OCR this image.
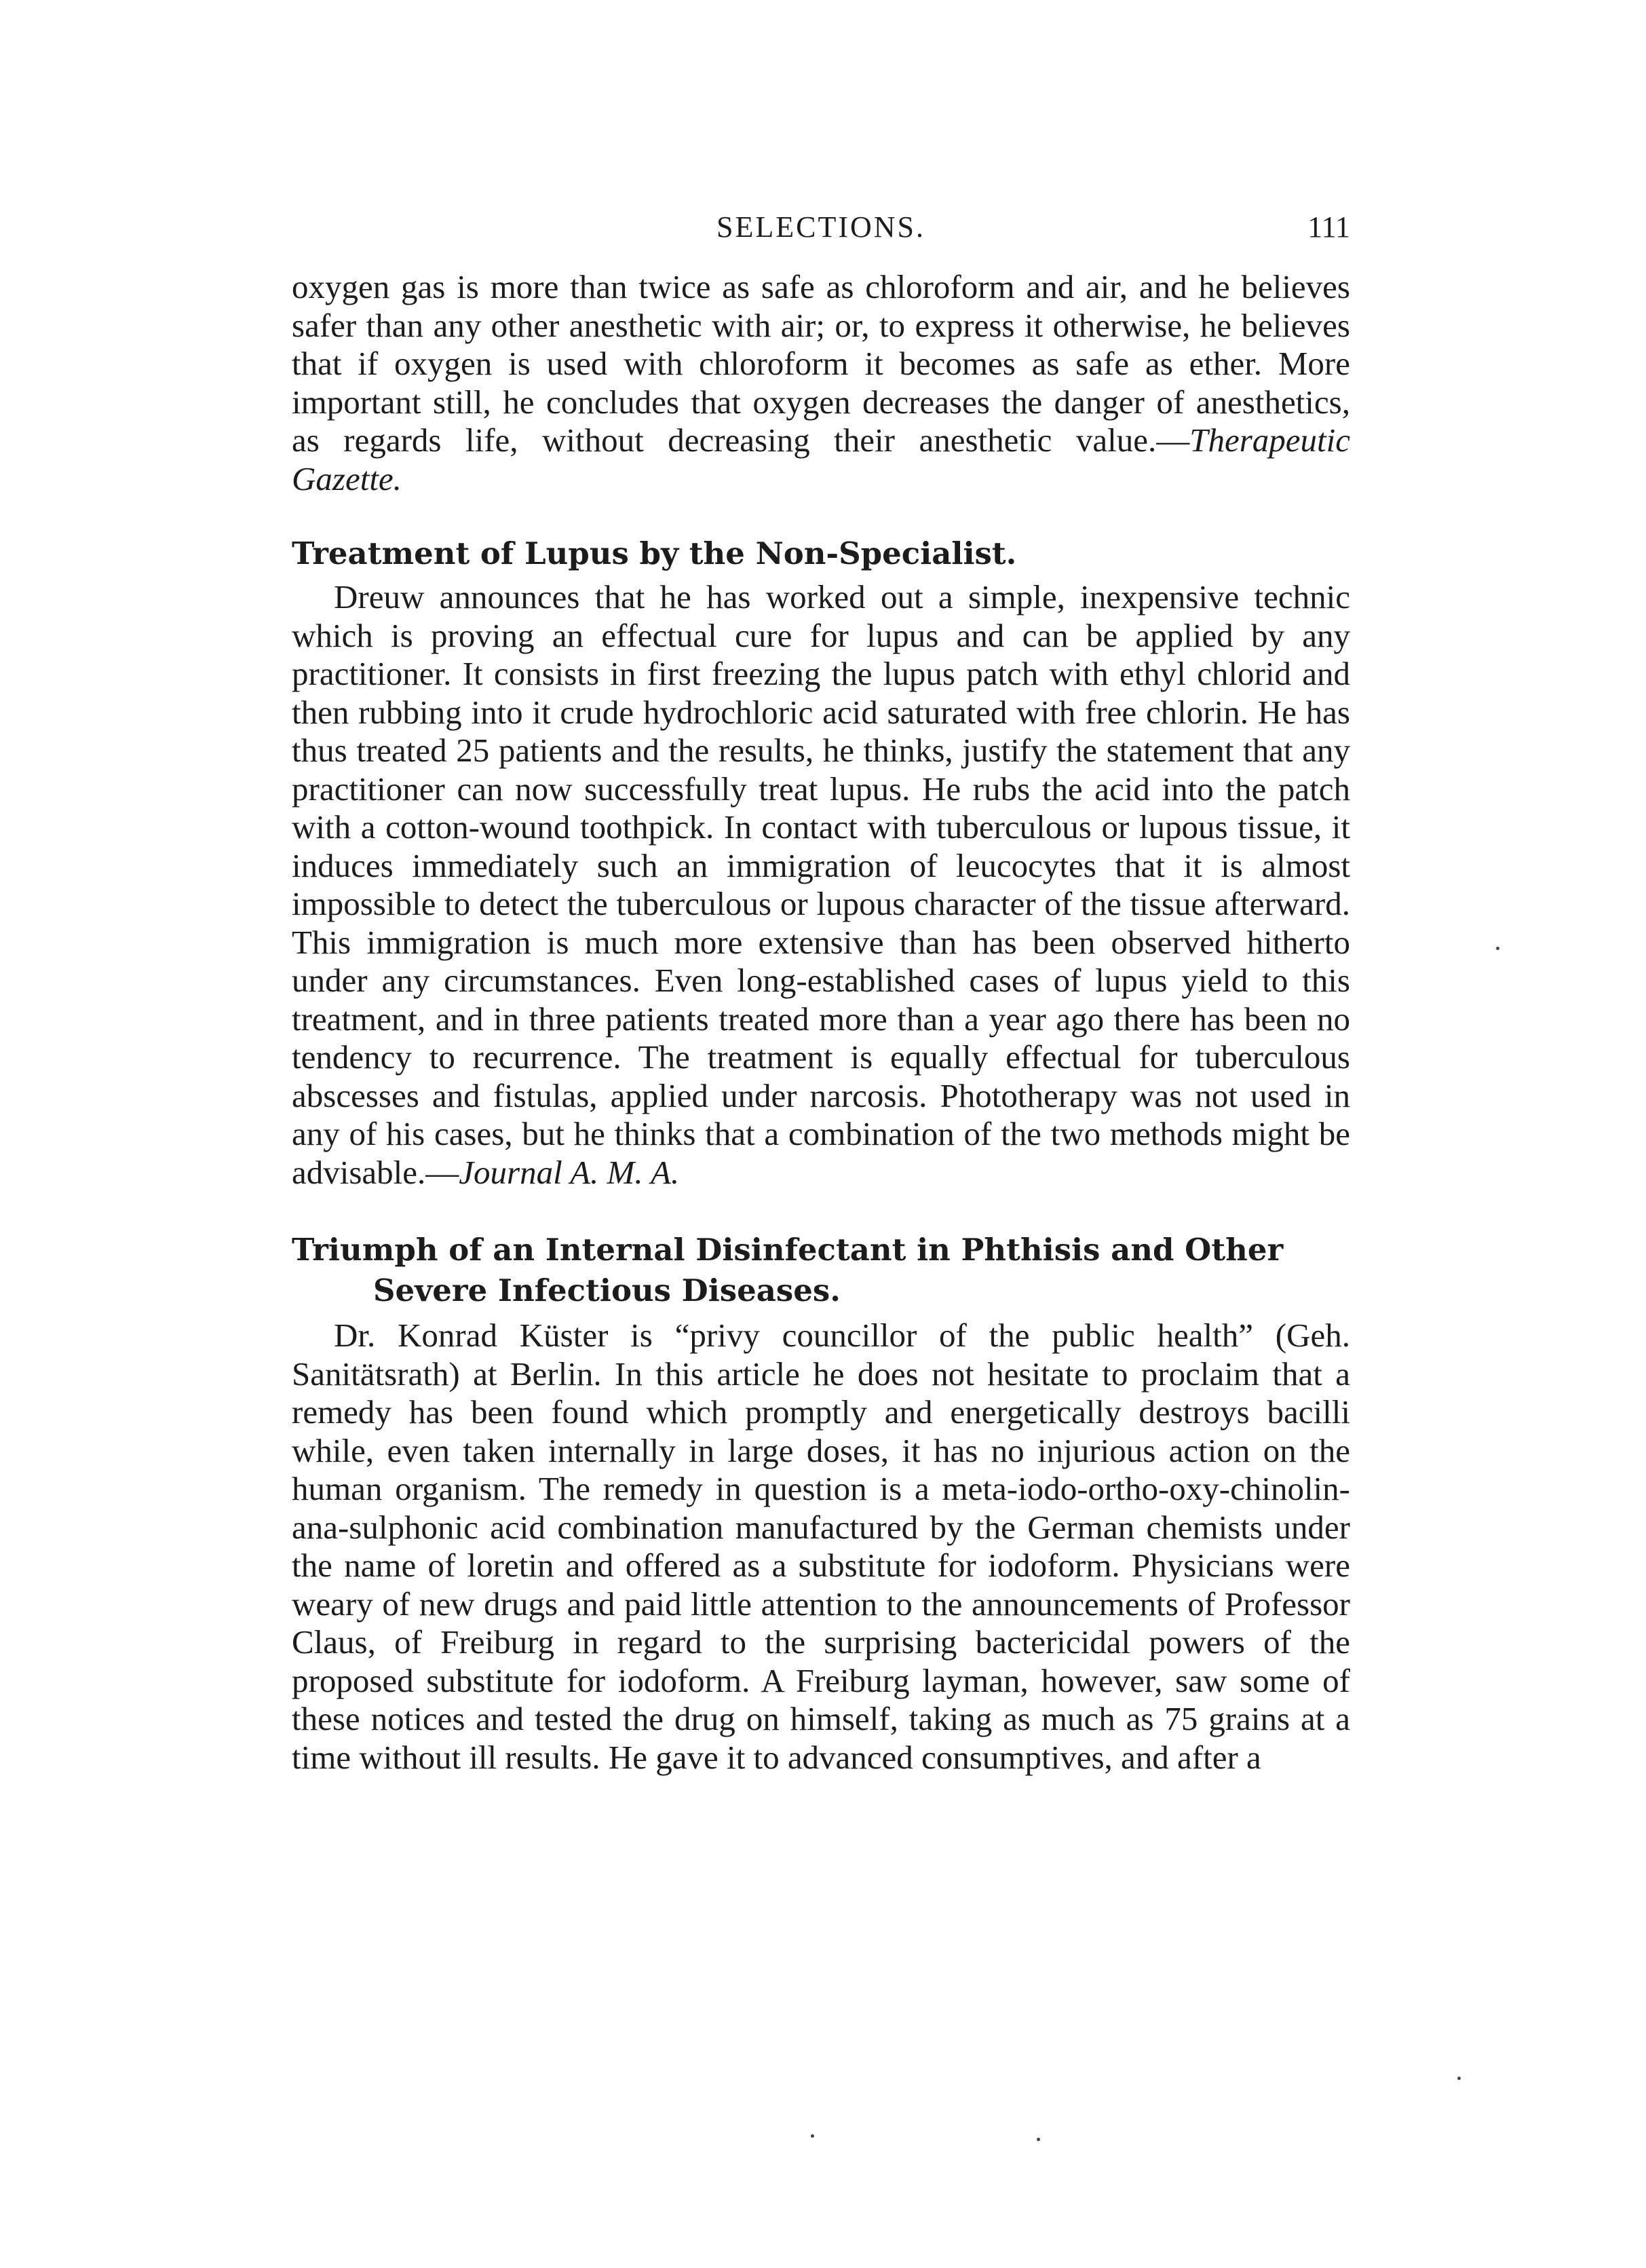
SELECTIONS.	111

oxygen gas is more than twice as safe as chloroform and air, and he believes safer than any other anesthetic with air; or, to express it otherwise, he believes that if oxygen is used with chloroform it becomes as safe as ether. More important still, he concludes that oxygen decreases the danger of anesthetics, as regards life, without decreasing their anesthetic value.—Therapeutic Gazette.

Treatment of Lupus by the Non-Specialist.

Dreuw announces that he has worked out a simple, inexpensive technic which is proving an effectual cure for lupus and can be applied by any practitioner. It consists in first freezing the lupus patch with ethyl chlorid and then rubbing into it crude hydrochloric acid saturated with free chlorin. He has thus treated 25 patients and the results, he thinks, justify the statement that any practitioner can now successfully treat lupus. He rubs the acid into the patch with a cotton-wound toothpick. In contact with tuberculous or lupous tissue, it induces immediately such an immigration of leucocytes that it is almost impossible to detect the tuberculous or lupous character of the tissue afterward. This immigration is much more extensive than has been observed hitherto under any circumstances. Even long-established cases of lupus yield to this treatment, and in three patients treated more than a year ago there has been no tendency to recurrence. The treatment is equally effectual for tuberculous abscesses and fistulas, applied under narcosis. Phototherapy was not used in any of his cases, but he thinks that a combination of the two methods might be advisable.—Journal A. M. A.

Triumph of an Internal Disinfectant in Phthisis and Other Severe Infectious Diseases.

Dr. Konrad Küster is “privy councillor of the public health” (Geh. Sanitätsrath) at Berlin. In this article he does not hesitate to proclaim that a remedy has been found which promptly and energetically destroys bacilli while, even taken internally in large doses, it has no injurious action on the human organism. The remedy in question is a meta-iodo-ortho-oxy-chinolin-ana-sulphonic acid combination manufactured by the German chemists under the name of loretin and offered as a substitute for iodoform. Physicians were weary of new drugs and paid little attention to the announcements of Professor Claus, of Freiburg in regard to the surprising bactericidal powers of the proposed substitute for iodoform. A Freiburg layman, however, saw some of these notices and tested the drug on himself, taking as much as 75 grains at a time without ill results. He gave it to advanced consumptives, and after a
